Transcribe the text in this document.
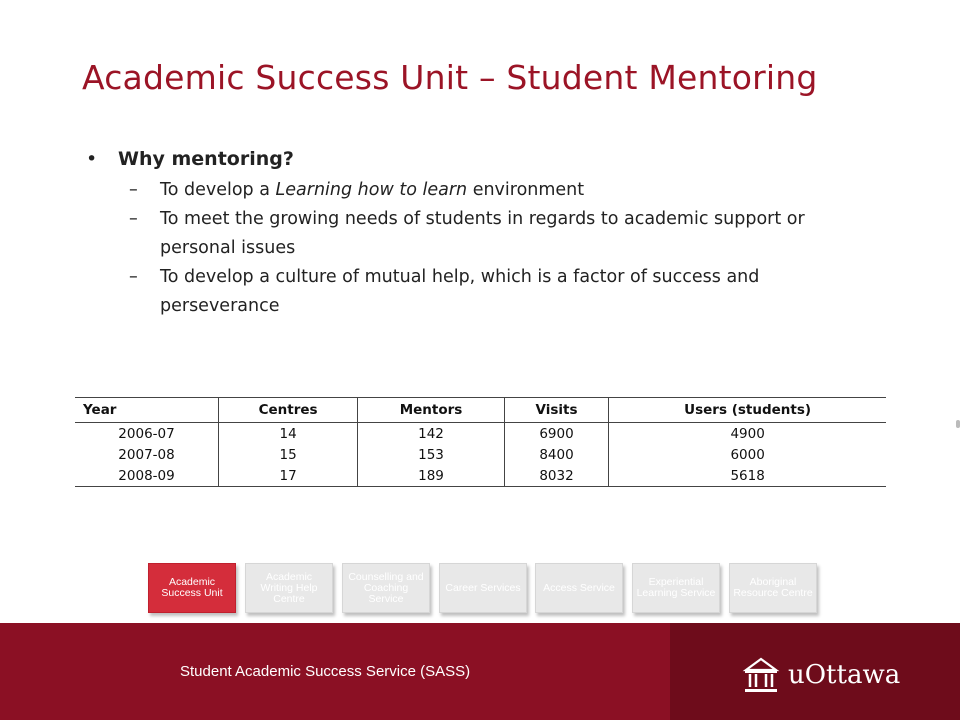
Academic Success Unit – Student Mentoring
• Why mentoring?
– To develop a Learning how to learn environment
– To meet the growing needs of students in regards to academic support or personal issues
– To develop a culture of mutual help, which is a factor of success and perseverance
Year	Centres	Mentors	Visits	Users (students)
2006-07	14	142	6900	4900
2007-08	15	153	8400	6000
2008-09	17	189	8032	5618
Academic Success Unit
Academic Writing Help Centre
Counselling and Coaching Service
Career Services	Access Service	Experiential Learning Service
Aboriginal Resource Centre
Student Academic Success Service (SASS)	uOttawa
